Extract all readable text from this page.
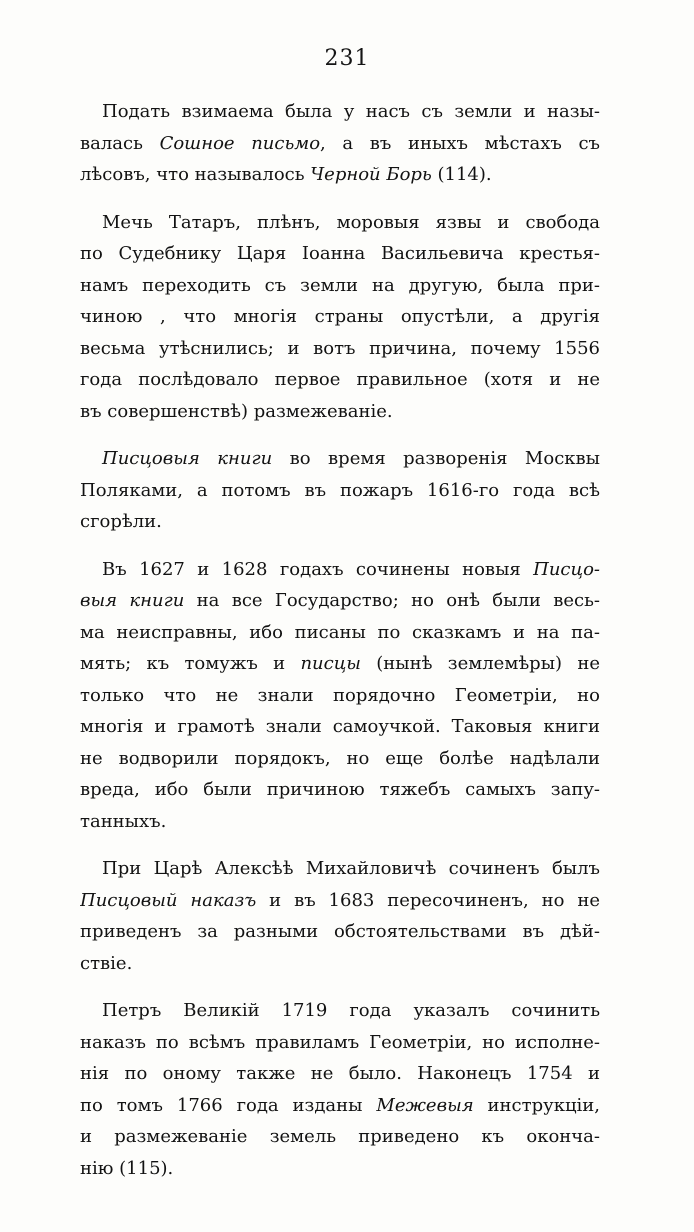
231
Подать взимаема была у насъ съ земли и назы-
валась Сошное письмо, а въ иныхъ мѣстахъ съ
лѣсовъ, что называлось Черной Борь (114).
Мечь Татаръ, плѣнъ, моровыя язвы и свобода
по Судебнику Царя Іоанна Васильевича крестья-
намъ переходить съ земли на другую, была при-
чиною , что многія страны опустѣли, а другія
весьма утѣснились; и вотъ причина, почему 1556
года послѣдовало первое правильное (хотя и не
въ совершенствѣ) размежеваніе.
Писцовыя книги во время разворенія Москвы
Поляками, а потомъ въ пожаръ 1616-го года всѣ
сгорѣли.
Въ 1627 и 1628 годахъ сочинены новыя Писцо-
выя книги на все Государство; но онѣ были весь-
ма неисправны, ибо писаны по сказкамъ и на па-
мять; къ томужъ и писцы (нынѣ землемѣры) не
только что не знали порядочно Геометріи, но
многія и грамотѣ знали самоучкой. Таковыя книги
не водворили порядокъ, но еще болѣе надѣлали
вреда, ибо были причиною тяжебъ самыхъ запу-
танныхъ.
При Царѣ Алексѣѣ Михайловичѣ сочиненъ былъ
Писцовый наказъ и въ 1683 пересочиненъ, но не
приведенъ за разными обстоятельствами въ дѣй-
ствіе.
Петръ Великій 1719 года указалъ сочинить
наказъ по всѣмъ правиламъ Геометріи, но исполне-
нія по оному также не было. Наконецъ 1754 и
по томъ 1766 года изданы Межевыя инструкціи,
и размежеваніе земель приведено къ оконча-
нію (115).
